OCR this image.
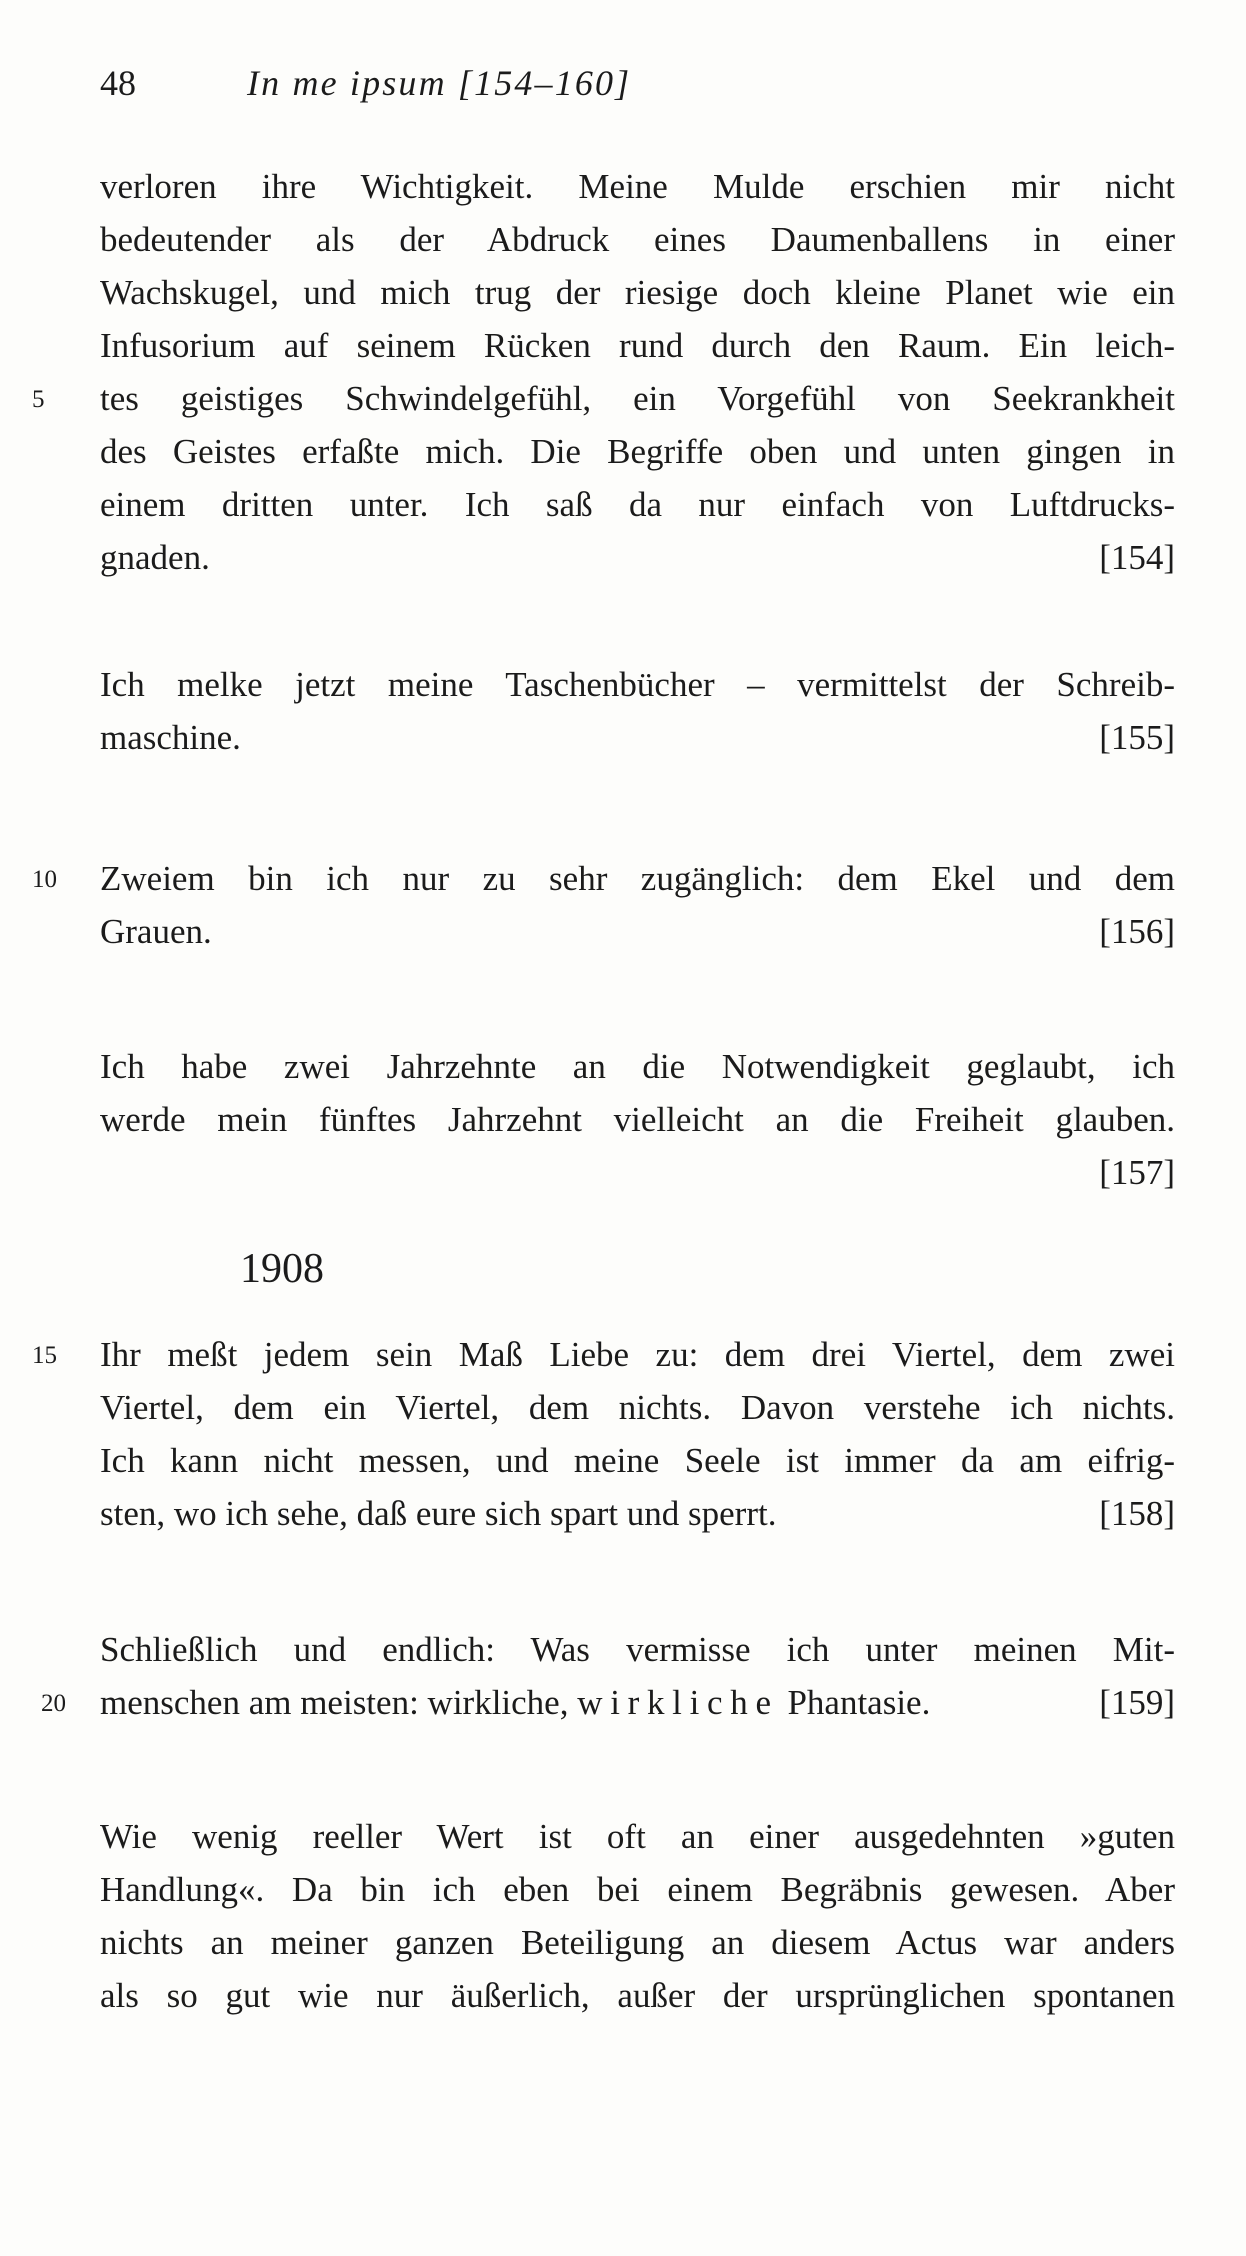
48	In me ipsum [154–160]
verloren ihre Wichtigkeit. Meine Mulde erschien mir nicht
bedeutender als der Abdruck eines Daumenballens in einer
Wachskugel, und mich trug der riesige doch kleine Planet wie ein
Infusorium auf seinem Rücken rund durch den Raum. Ein leich-
5	tes geistiges Schwindelgefühl, ein Vorgefühl von Seekrankheit
des Geistes erfaßte mich. Die Begriffe oben und unten gingen in
einem dritten unter. Ich saß da nur einfach von Luftdrucks-
gnaden.	[154]
Ich melke jetzt meine Taschenbücher – vermittelst der Schreib-
maschine.	[155]
10 Zweiem bin ich nur zu sehr zugänglich: dem Ekel und dem
Grauen.	[156]
Ich habe zwei Jahrzehnte an die Notwendigkeit geglaubt, ich
werde mein fünftes Jahrzehnt vielleicht an die Freiheit glauben.
[157]
1908
15 Ihr meßt jedem sein Maß Liebe zu: dem drei Viertel, dem zwei
Viertel, dem ein Viertel, dem nichts. Davon verstehe ich nichts.
Ich kann nicht messen, und meine Seele ist immer da am eifrig-
sten, wo ich sehe, daß eure sich spart und sperrt.	[158]
Schließlich und endlich: Was vermisse ich unter meinen Mit-
20 menschen am meisten: wirkliche, wirkliche Phantasie.	[159]
Wie wenig reeller Wert ist oft an einer ausgedehnten »guten
Handlung«. Da bin ich eben bei einem Begräbnis gewesen. Aber
nichts an meiner ganzen Beteiligung an diesem Actus war anders
als so gut wie nur äußerlich, außer der ursprünglichen spontanen
